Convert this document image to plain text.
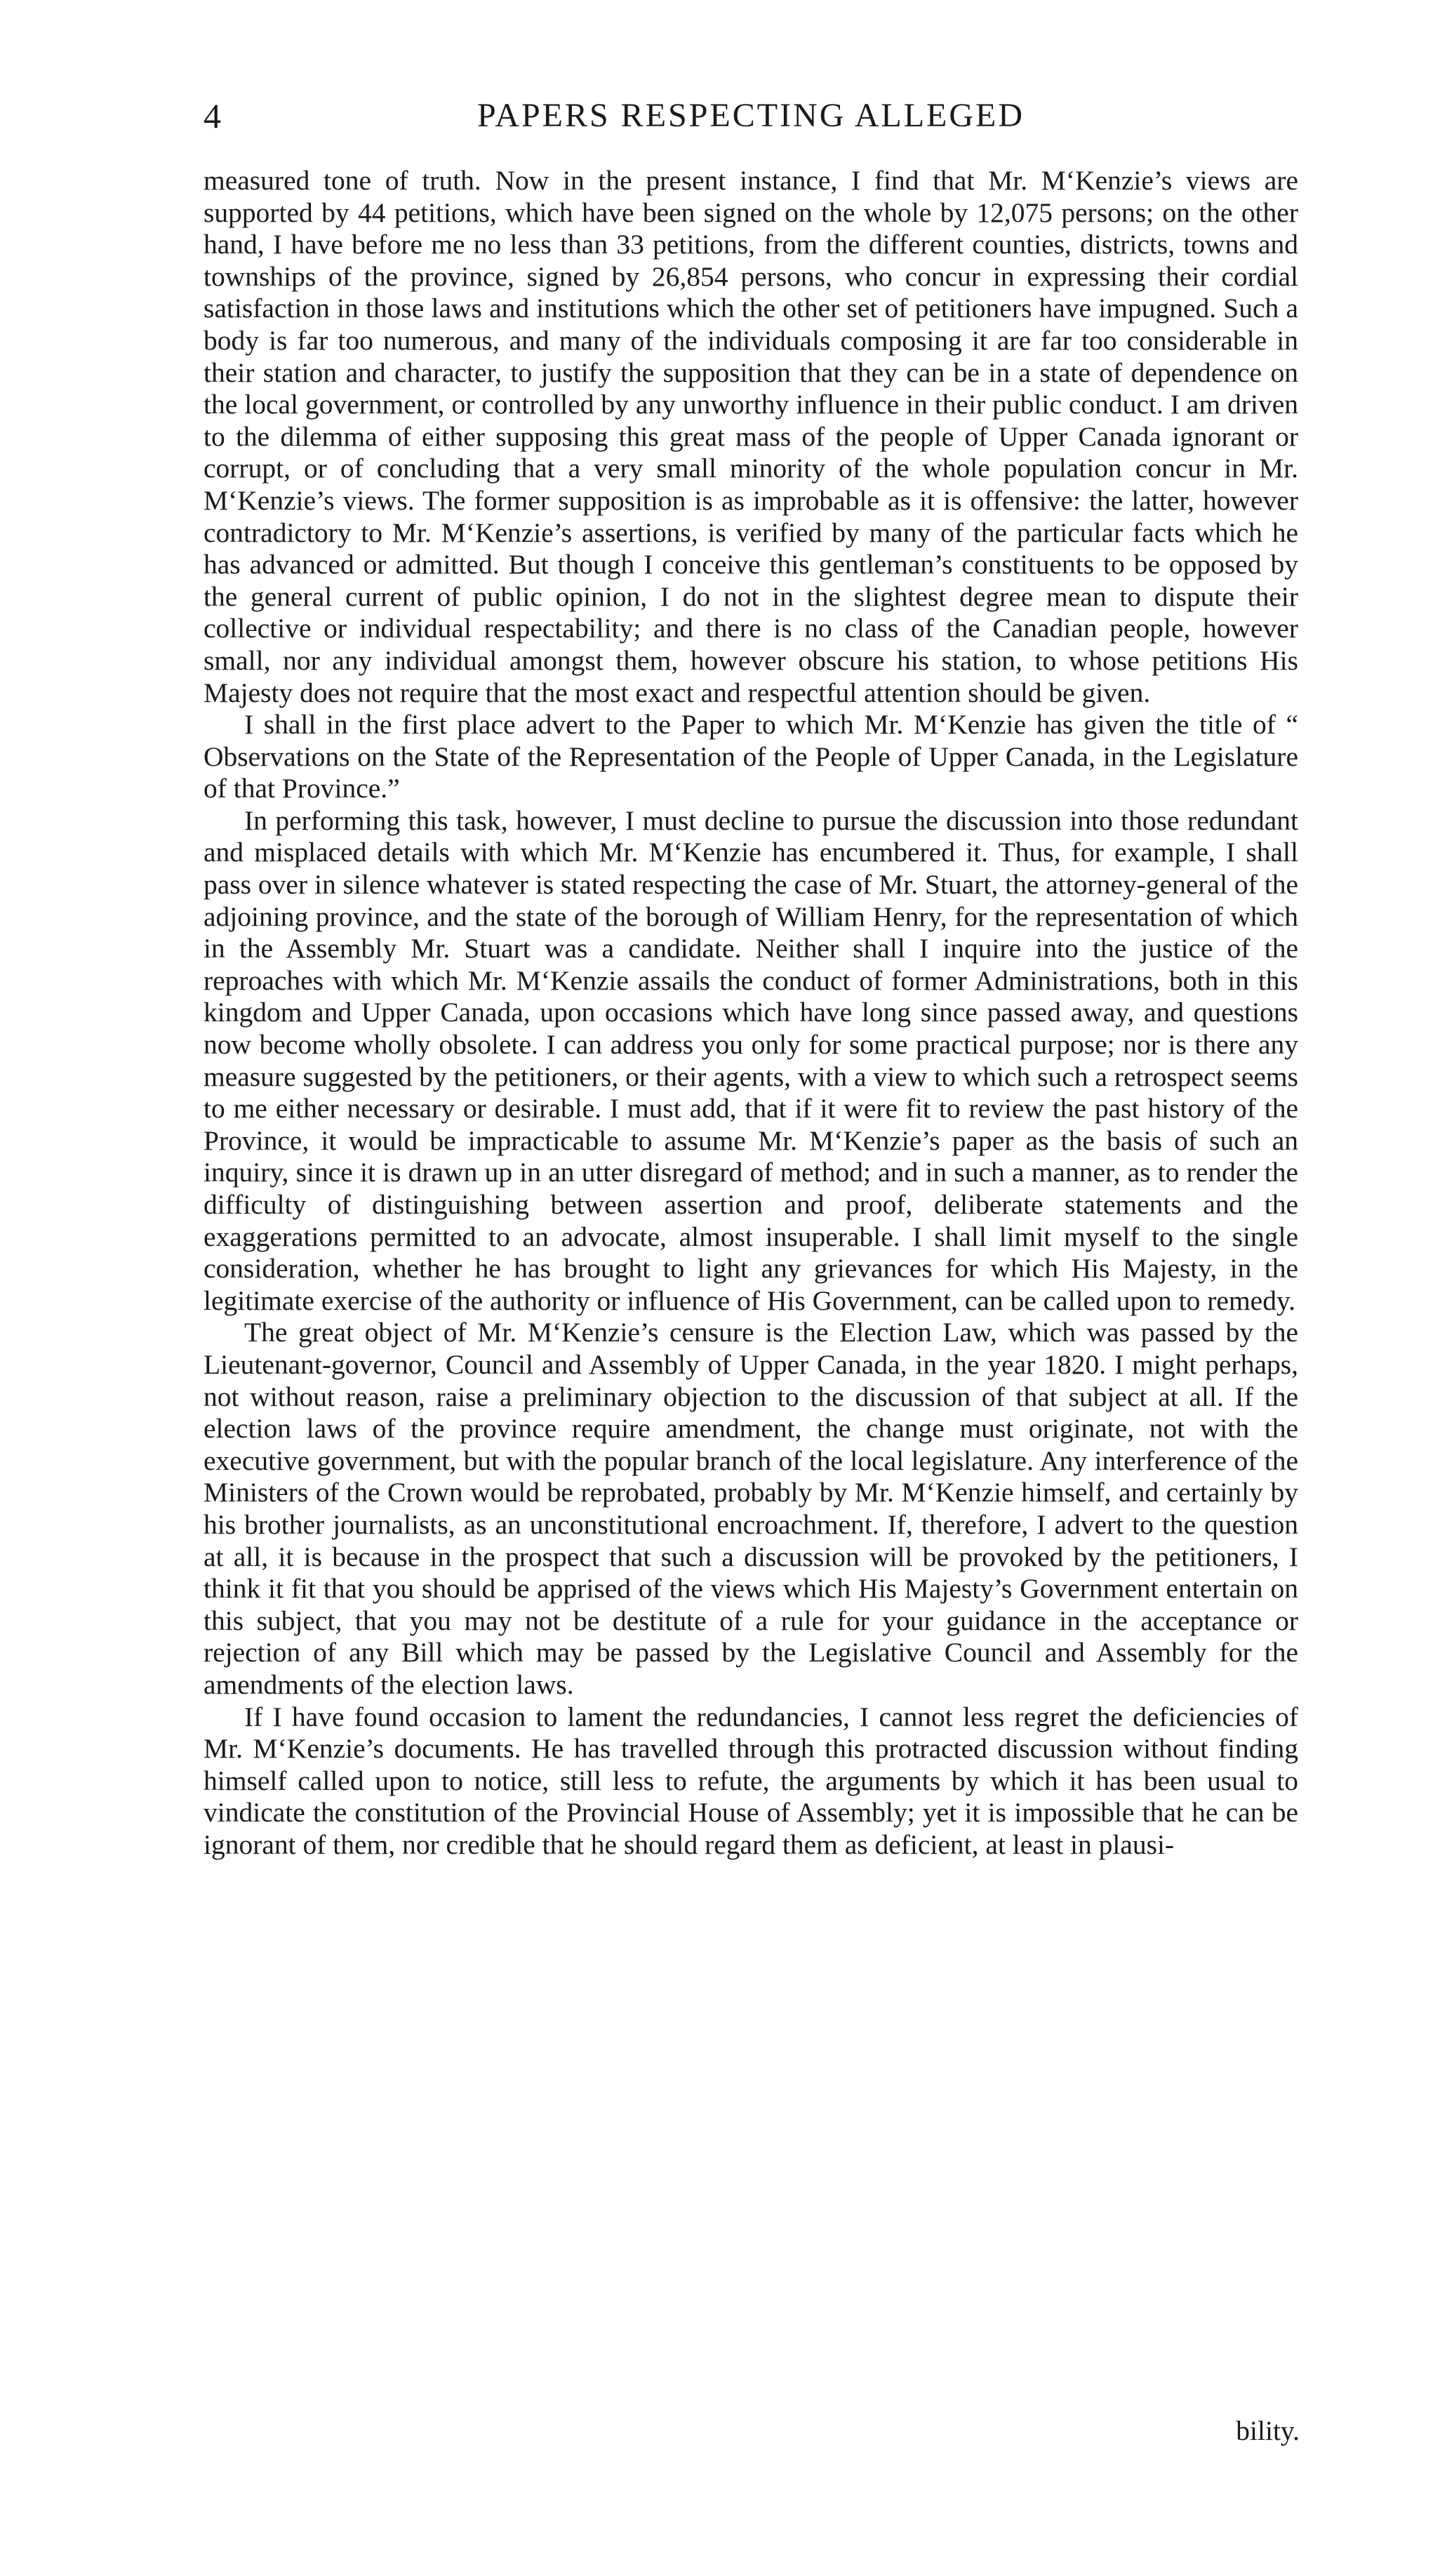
4	PAPERS RESPECTING ALLEGED

measured tone of truth. Now in the present instance, I find that Mr. M‘Kenzie’s views are supported by 44 petitions, which have been signed on the whole by 12,075 persons; on the other hand, I have before me no less than 33 petitions, from the different counties, districts, towns and townships of the province, signed by 26,854 persons, who concur in expressing their cordial satisfaction in those laws and institutions which the other set of petitioners have impugned. Such a body is far too numerous, and many of the individuals composing it are far too considerable in their station and character, to justify the supposition that they can be in a state of dependence on the local government, or controlled by any unworthy influence in their public conduct. I am driven to the dilemma of either supposing this great mass of the people of Upper Canada ignorant or corrupt, or of concluding that a very small minority of the whole population concur in Mr. M‘Kenzie’s views. The former supposition is as improbable as it is offensive: the latter, however contradictory to Mr. M‘Kenzie’s assertions, is verified by many of the particular facts which he has advanced or admitted. But though I conceive this gentleman’s constituents to be opposed by the general current of public opinion, I do not in the slightest degree mean to dispute their collective or individual respectability; and there is no class of the Canadian people, however small, nor any individual amongst them, however obscure his station, to whose petitions His Majesty does not require that the most exact and respectful attention should be given.

I shall in the first place advert to the Paper to which Mr. M‘Kenzie has given the title of “ Observations on the State of the Representation of the People of Upper Canada, in the Legislature of that Province.”

In performing this task, however, I must decline to pursue the discussion into those redundant and misplaced details with which Mr. M‘Kenzie has encumbered it. Thus, for example, I shall pass over in silence whatever is stated respecting the case of Mr. Stuart, the attorney-general of the adjoining province, and the state of the borough of William Henry, for the representation of which in the Assembly Mr. Stuart was a candidate. Neither shall I inquire into the justice of the reproaches with which Mr. M‘Kenzie assails the conduct of former Administrations, both in this kingdom and Upper Canada, upon occasions which have long since passed away, and questions now become wholly obsolete. I can address you only for some practical purpose; nor is there any measure suggested by the petitioners, or their agents, with a view to which such a retrospect seems to me either necessary or desirable. I must add, that if it were fit to review the past history of the Province, it would be impracticable to assume Mr. M‘Kenzie’s paper as the basis of such an inquiry, since it is drawn up in an utter disregard of method; and in such a manner, as to render the difficulty of distinguishing between assertion and proof, deliberate statements and the exaggerations permitted to an advocate, almost insuperable. I shall limit myself to the single consideration, whether he has brought to light any grievances for which His Majesty, in the legitimate exercise of the authority or influence of His Government, can be called upon to remedy.

The great object of Mr. M‘Kenzie’s censure is the Election Law, which was passed by the Lieutenant-governor, Council and Assembly of Upper Canada, in the year 1820. I might perhaps, not without reason, raise a preliminary objection to the discussion of that subject at all. If the election laws of the province require amendment, the change must originate, not with the executive government, but with the popular branch of the local legislature. Any interference of the Ministers of the Crown would be reprobated, probably by Mr. M‘Kenzie himself, and certainly by his brother journalists, as an unconstitutional encroachment. If, therefore, I advert to the question at all, it is because in the prospect that such a discussion will be provoked by the petitioners, I think it fit that you should be apprised of the views which His Majesty’s Government entertain on this subject, that you may not be destitute of a rule for your guidance in the acceptance or rejection of any Bill which may be passed by the Legislative Council and Assembly for the amendments of the election laws.

If I have found occasion to lament the redundancies, I cannot less regret the deficiencies of Mr. M‘Kenzie’s documents. He has travelled through this protracted discussion without finding himself called upon to notice, still less to refute, the arguments by which it has been usual to vindicate the constitution of the Provincial House of Assembly; yet it is impossible that he can be ignorant of them, nor credible that he should regard them as deficient, at least in plausi-

bility.
